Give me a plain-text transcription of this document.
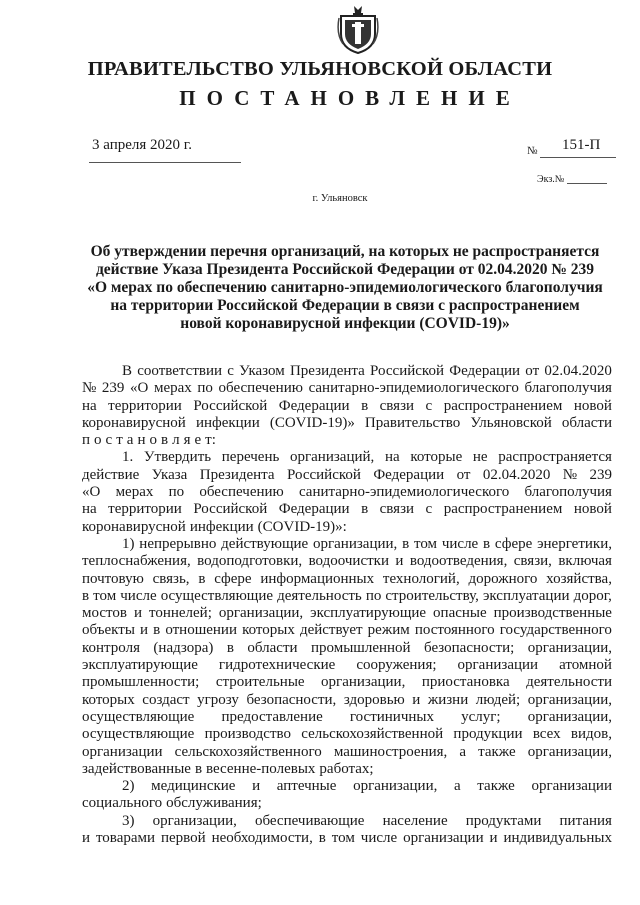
ПРАВИТЕЛЬСТВО УЛЬЯНОВСКОЙ ОБЛАСТИ
ПОСТАНОВЛЕНИЕ
3 апреля 2020 г.	№ 151-П
Экз.№
г. Ульяновск
Об утверждении перечня организаций, на которых не распространяется
действие Указа Президента Российской Федерации от 02.04.2020 № 239
«О мерах по обеспечению санитарно-эпидемиологического благополучия
на территории Российской Федерации в связи с распространением
новой коронавирусной инфекции (COVID-19)»
В соответствии с Указом Президента Российской Федерации от 02.04.2020
№ 239 «О мерах по обеспечению санитарно-эпидемиологического благополучия
на территории Российской Федерации в связи с распространением новой
коронавирусной инфекции (COVID-19)» Правительство Ульяновской области
п о с т а н о в л я е т:
1. Утвердить перечень организаций, на которые не распространяется
действие Указа Президента Российской Федерации от 02.04.2020 № 239
«О мерах по обеспечению санитарно-эпидемиологического благополучия
на территории Российской Федерации в связи с распространением новой
коронавирусной инфекции (COVID-19)»:
1) непрерывно действующие организации, в том числе в сфере энергетики,
теплоснабжения, водоподготовки, водоочистки и водоотведения, связи, включая
почтовую связь, в сфере информационных технологий, дорожного хозяйства,
в том числе осуществляющие деятельность по строительству, эксплуатации дорог,
мостов и тоннелей; организации, эксплуатирующие опасные производственные
объекты и в отношении которых действует режим постоянного государственного
контроля (надзора) в области промышленной безопасности; организации,
эксплуатирующие гидротехнические сооружения; организации атомной
промышленности; строительные организации, приостановка деятельности
которых создаст угрозу безопасности, здоровью и жизни людей; организации,
осуществляющие предоставление гостиничных услуг; организации,
осуществляющие производство сельскохозяйственной продукции всех видов,
организации сельскохозяйственного машиностроения, а также организации,
задействованные в весенне-полевых работах;
2) медицинские и аптечные организации, а также организации
социального обслуживания;
3) организации, обеспечивающие население продуктами питания
и товарами первой необходимости, в том числе организации и индивидуальных
